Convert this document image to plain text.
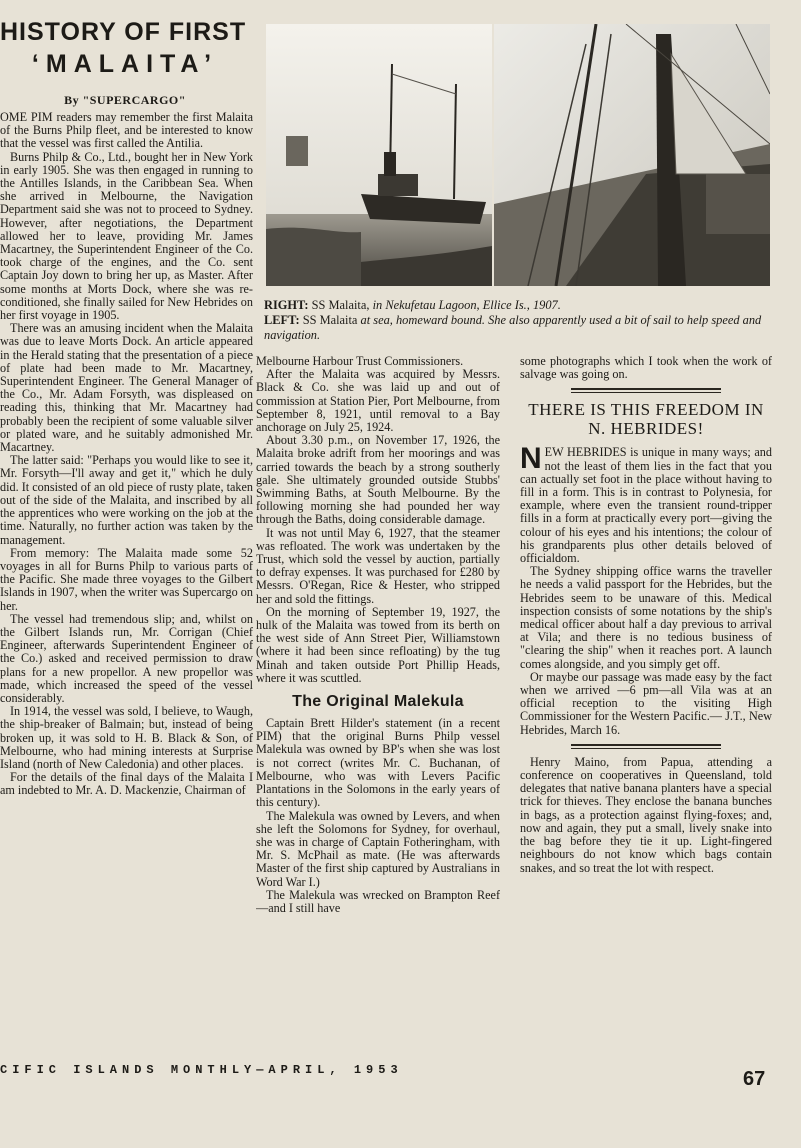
HISTORY OF FIRST
‘MALAITA’
By "SUPERCARGO"
RIGHT: SS Malaita, in Nekufetau Lagoon, Ellice Is., 1907.
LEFT: SS Malaita at sea, homeward bound. She also apparently used a bit of sail to help speed and navigation.

OME PIM readers may remember the first Malaita of the Burns Philp fleet, and be interested to know that the vessel was first called the Antilia.

Burns Philp & Co., Ltd., bought her in New York in early 1905. She was then engaged in running to the Antilles Islands, in the Caribbean Sea. When she arrived in Melbourne, the Navigation Department said she was not to proceed to Sydney. However, after negotiations, the Department allowed her to leave, providing Mr. James Macartney, the Superintendent Engineer of the Co. took charge of the engines, and the Co. sent Captain Joy down to bring her up, as Master. After some months at Morts Dock, where she was re-conditioned, she finally sailed for New Hebrides on her first voyage in 1905.

There was an amusing incident when the Malaita was due to leave Morts Dock. An article appeared in the Herald stating that the presentation of a piece of plate had been made to Mr. Macartney, Superintendent Engineer. The General Manager of the Co., Mr. Adam Forsyth, was displeased on reading this, thinking that Mr. Macartney had probably been the recipient of some valuable silver or plated ware, and he suitably admonished Mr. Macartney.

The latter said: "Perhaps you would like to see it, Mr. Forsyth—I'll away and get it," which he duly did. It consisted of an old piece of rusty plate, taken out of the side of the Malaita, and inscribed by all the apprentices who were working on the job at the time. Naturally, no further action was taken by the management.

From memory: The Malaita made some 52 voyages in all for Burns Philp to various parts of the Pacific. She made three voyages to the Gilbert Islands in 1907, when the writer was Supercargo on her.

The vessel had tremendous slip; and, whilst on the Gilbert Islands run, Mr. Corrigan (Chief Engineer, afterwards Superintendent Engineer of the Co.) asked and received permission to draw plans for a new propellor. A new propellor was made, which increased the speed of the vessel considerably.

In 1914, the vessel was sold, I believe, to Waugh, the ship-breaker of Balmain; but, instead of being broken up, it was sold to H. B. Black & Son, of Melbourne, who had mining interests at Surprise Island (north of New Caledonia) and other places.

For the details of the final days of the Malaita I am indebted to Mr. A. D. Mackenzie, Chairman of

Melbourne Harbour Trust Commissioners.

After the Malaita was acquired by Messrs. Black & Co. she was laid up and out of commission at Station Pier, Port Melbourne, from September 8, 1921, until removal to a Bay anchorage on July 25, 1924.

About 3.30 p.m., on November 17, 1926, the Malaita broke adrift from her moorings and was carried towards the beach by a strong southerly gale. She ultimately grounded outside Stubbs' Swimming Baths, at South Melbourne. By the following morning she had pounded her way through the Baths, doing considerable damage.

It was not until May 6, 1927, that the steamer was refloated. The work was undertaken by the Trust, which sold the vessel by auction, partially to defray expenses. It was purchased for £280 by Messrs. O'Regan, Rice & Hester, who stripped her and sold the fittings.

On the morning of September 19, 1927, the hulk of the Malaita was towed from its berth on the west side of Ann Street Pier, Williamstown (where it had been since refloating) by the tug Minah and taken outside Port Phillip Heads, where it was scuttled.

The Original Malekula

Captain Brett Hilder's statement (in a recent PIM) that the original Burns Philp vessel Malekula was owned by BP's when she was lost is not correct (writes Mr. C. Buchanan, of Melbourne, who was with Levers Pacific Plantations in the Solomons in the early years of this century).

The Malekula was owned by Levers, and when she left the Solomons for Sydney, for overhaul, she was in charge of Captain Fotheringham, with Mr. S. McPhail as mate. (He was afterwards Master of the first ship captured by Australians in Word War I.)

The Malekula was wrecked on Brampton Reef—and I still have

some photographs which I took when the work of salvage was going on.

THERE IS THIS FREEDOM IN N. HEBRIDES!

NEW HEBRIDES is unique in many ways; and not the least of them lies in the fact that you can actually set foot in the place without having to fill in a form. This is in contrast to Polynesia, for example, where even the transient round-tripper fills in a form at practically every port—giving the colour of his eyes and his intentions; the colour of his grandparents plus other details beloved of officialdom.

The Sydney shipping office warns the traveller he needs a valid passport for the Hebrides, but the Hebrides seem to be unaware of this. Medical inspection consists of some notations by the ship's medical officer about half a day previous to arrival at Vila; and there is no tedious business of "clearing the ship" when it reaches port. A launch comes alongside, and you simply get off.

Or maybe our passage was made easy by the fact when we arrived —6 pm—all Vila was at an official reception to the visiting High Commissioner for the Western Pacific.— J.T., New Hebrides, March 16.

Henry Maino, from Papua, attending a conference on cooperatives in Queensland, told delegates that native banana planters have a special trick for thieves. They enclose the banana bunches in bags, as a protection against flying-foxes; and, now and again, they put a small, lively snake into the bag before they tie it up. Light-fingered neighbours do not know which bags contain snakes, and so treat the lot with respect.

CIFIC ISLANDS MONTHLY—APRIL, 1953	67
